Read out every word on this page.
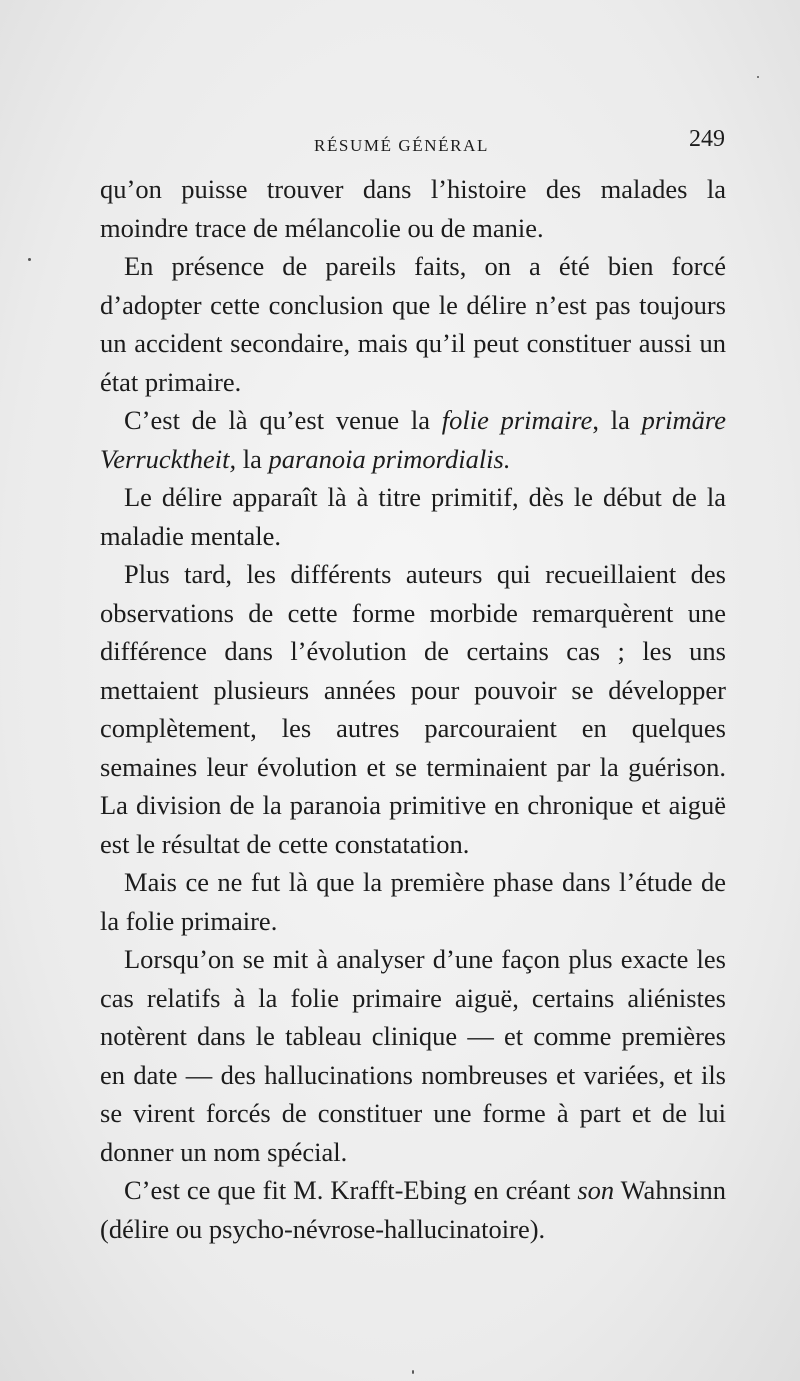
RÉSUMÉ GÉNÉRAL	249

qu’on puisse trouver dans l’histoire des malades la moindre trace de mélancolie ou de manie.

En présence de pareils faits, on a été bien forcé d’adopter cette conclusion que le délire n’est pas toujours un accident secondaire, mais qu’il peut constituer aussi un état primaire.

C’est de là qu’est venue la folie primaire, la primäre Verrucktheit, la paranoia primordialis.

Le délire apparaît là à titre primitif, dès le début de la maladie mentale.

Plus tard, les différents auteurs qui recueillaient des observations de cette forme morbide remarquèrent une différence dans l’évolution de certains cas ; les uns mettaient plusieurs années pour pouvoir se développer complètement, les autres parcouraient en quelques semaines leur évolution et se terminaient par la guérison. La division de la paranoia primitive en chronique et aiguë est le résultat de cette constatation.

Mais ce ne fut là que la première phase dans l’étude de la folie primaire.

Lorsqu’on se mit à analyser d’une façon plus exacte les cas relatifs à la folie primaire aiguë, certains aliénistes notèrent dans le tableau clinique — et comme premières en date — des hallucinations nombreuses et variées, et ils se virent forcés de constituer une forme à part et de lui donner un nom spécial.

C’est ce que fit M. Krafft-Ebing en créant son Wahnsinn (délire ou psycho-névrose-hallucinatoire).
